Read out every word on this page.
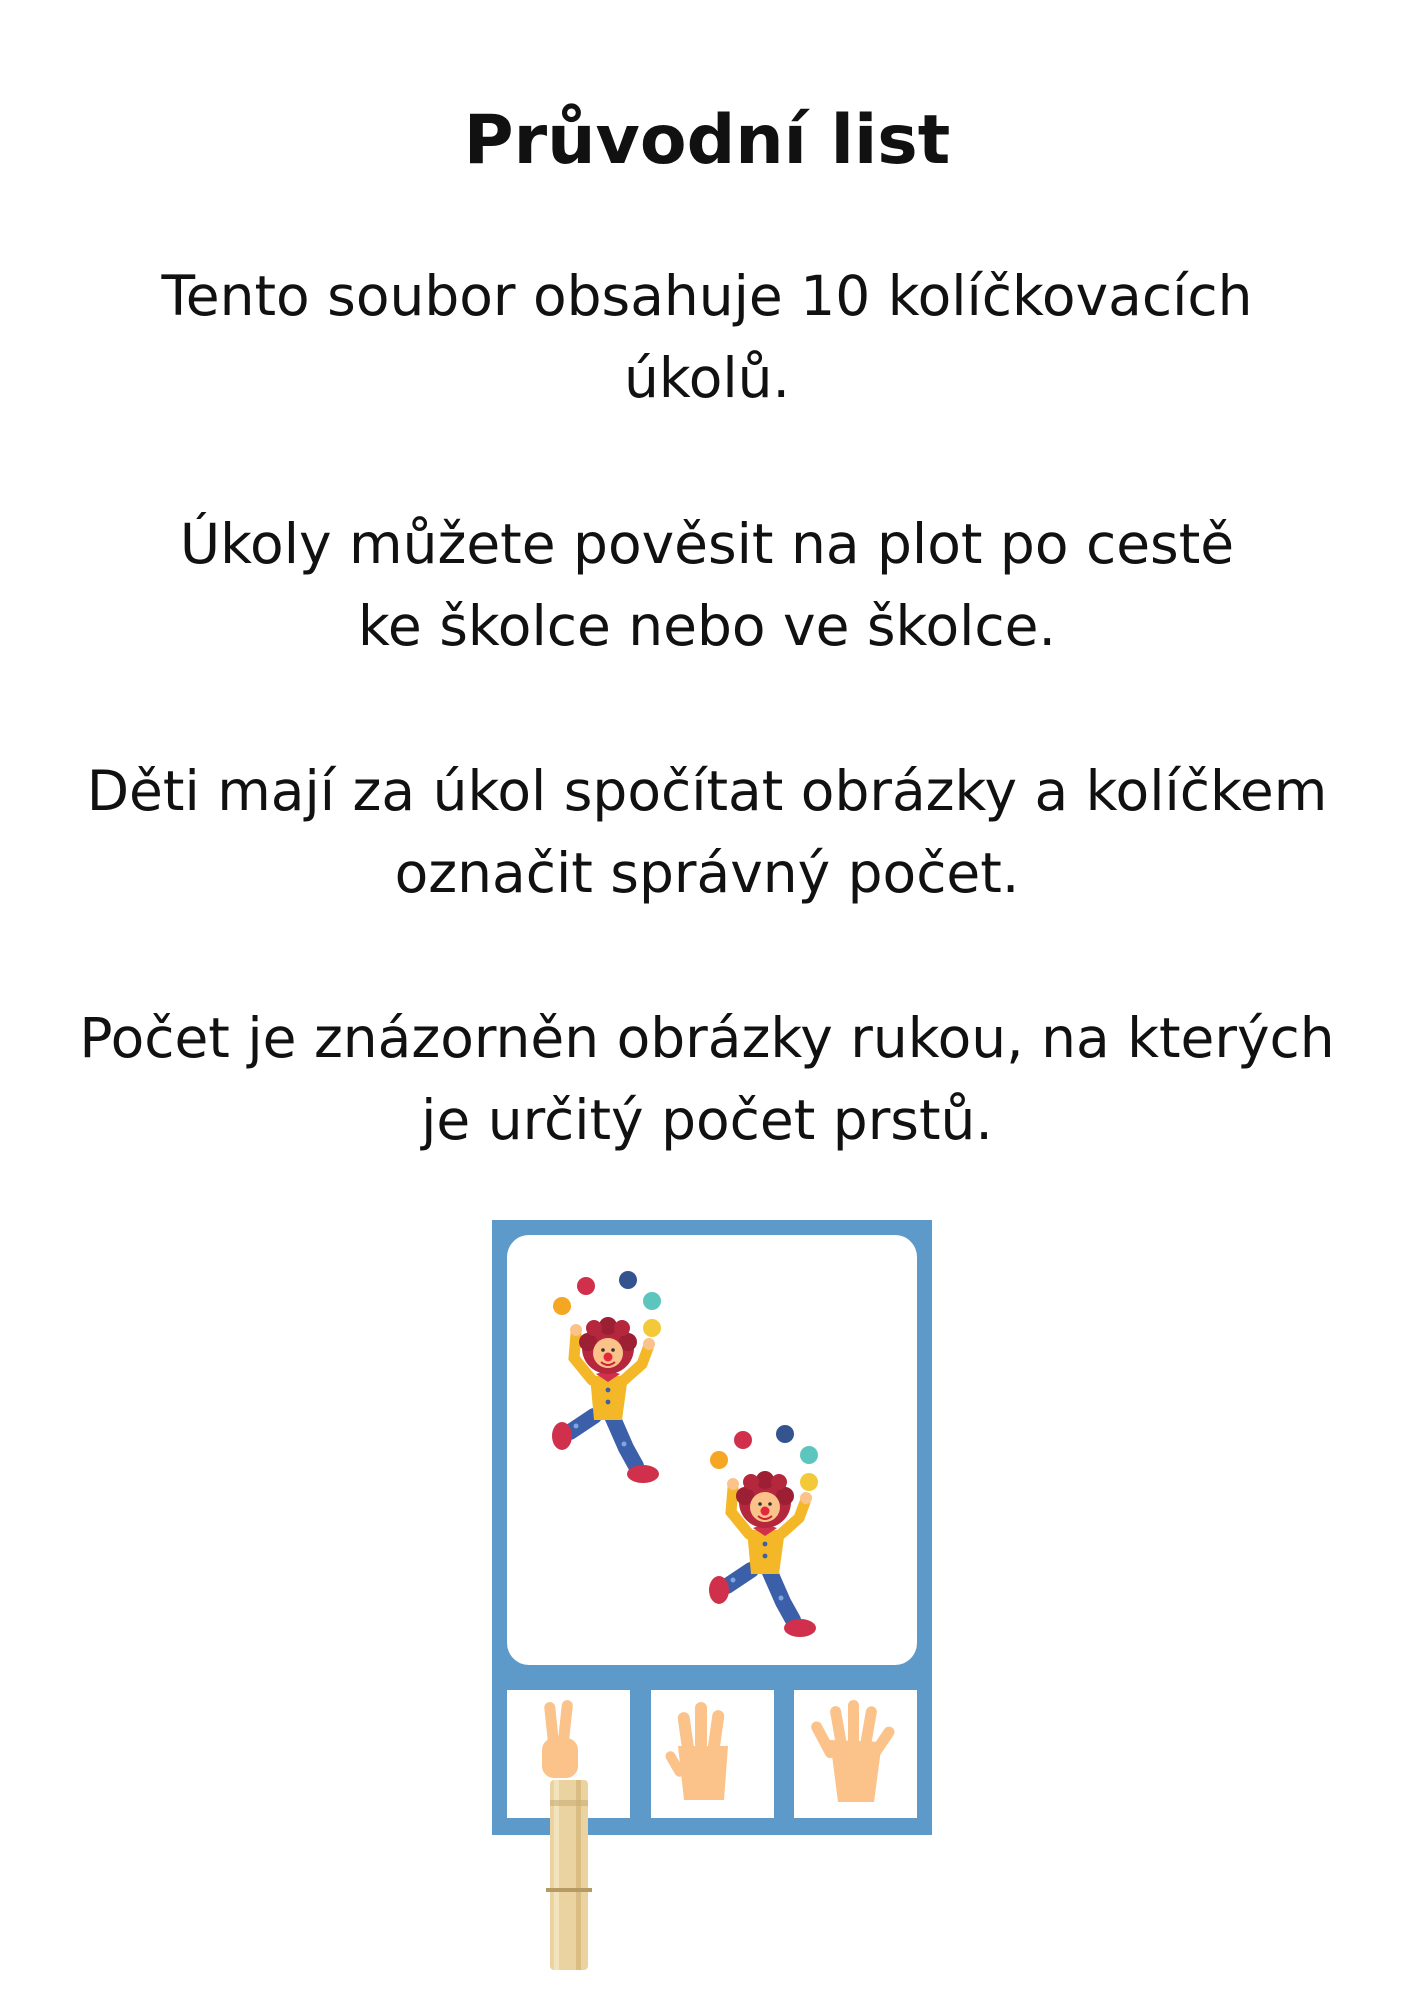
Průvodní list

Tento soubor obsahuje 10 kolíčkovacích
úkolů.

Úkoly můžete pověsit na plot po cestě
ke školce nebo ve školce.

Děti mají za úkol spočítat obrázky a kolíčkem
označit správný počet.

Počet je znázorněn obrázky rukou, na kterých
je určitý počet prstů.
